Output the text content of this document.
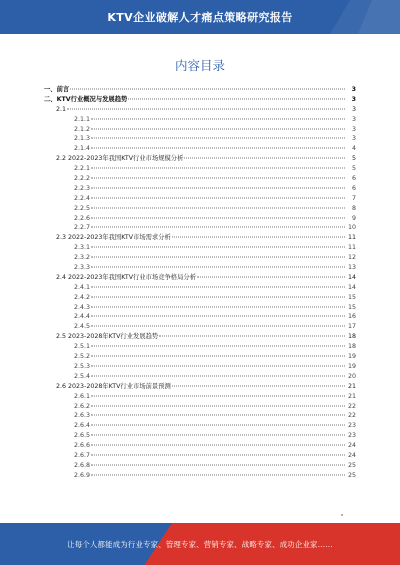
KTV企业破解人才痛点策略研究报告
内容目录
一、前言	3
二、KTV行业概况与发展趋势	3
2.1	3
2.1.1	3
2.1.2	3
2.1.3	3
2.1.4	4
2.2 2022-2023年我国KTV行业市场规模分析	5
2.2.1	5
2.2.2	6
2.2.3	6
2.2.4	7
2.2.5	8
2.2.6	9
2.2.7	10
2.3 2022-2023年我国KTV市场需求分析	11
2.3.1	11
2.3.2	12
2.3.3	13
2.4 2022-2023年我国KTV行业市场竞争格局分析	14
2.4.1	14
2.4.2	15
2.4.3	15
2.4.4	16
2.4.5	17
2.5 2023-2028年KTV行业发展趋势	18
2.5.1	18
2.5.2	19
2.5.3	19
2.5.4	20
2.6 2023-2028年KTV行业市场前景预测	21
2.6.1	21
2.6.2	22
2.6.3	22
2.6.4	23
2.6.5	23
2.6.6	24
2.6.7	24
2.6.8	25
2.6.9	25
让每个人都能成为行业专家、管理专家、营销专家、战略专家、成功企业家……
